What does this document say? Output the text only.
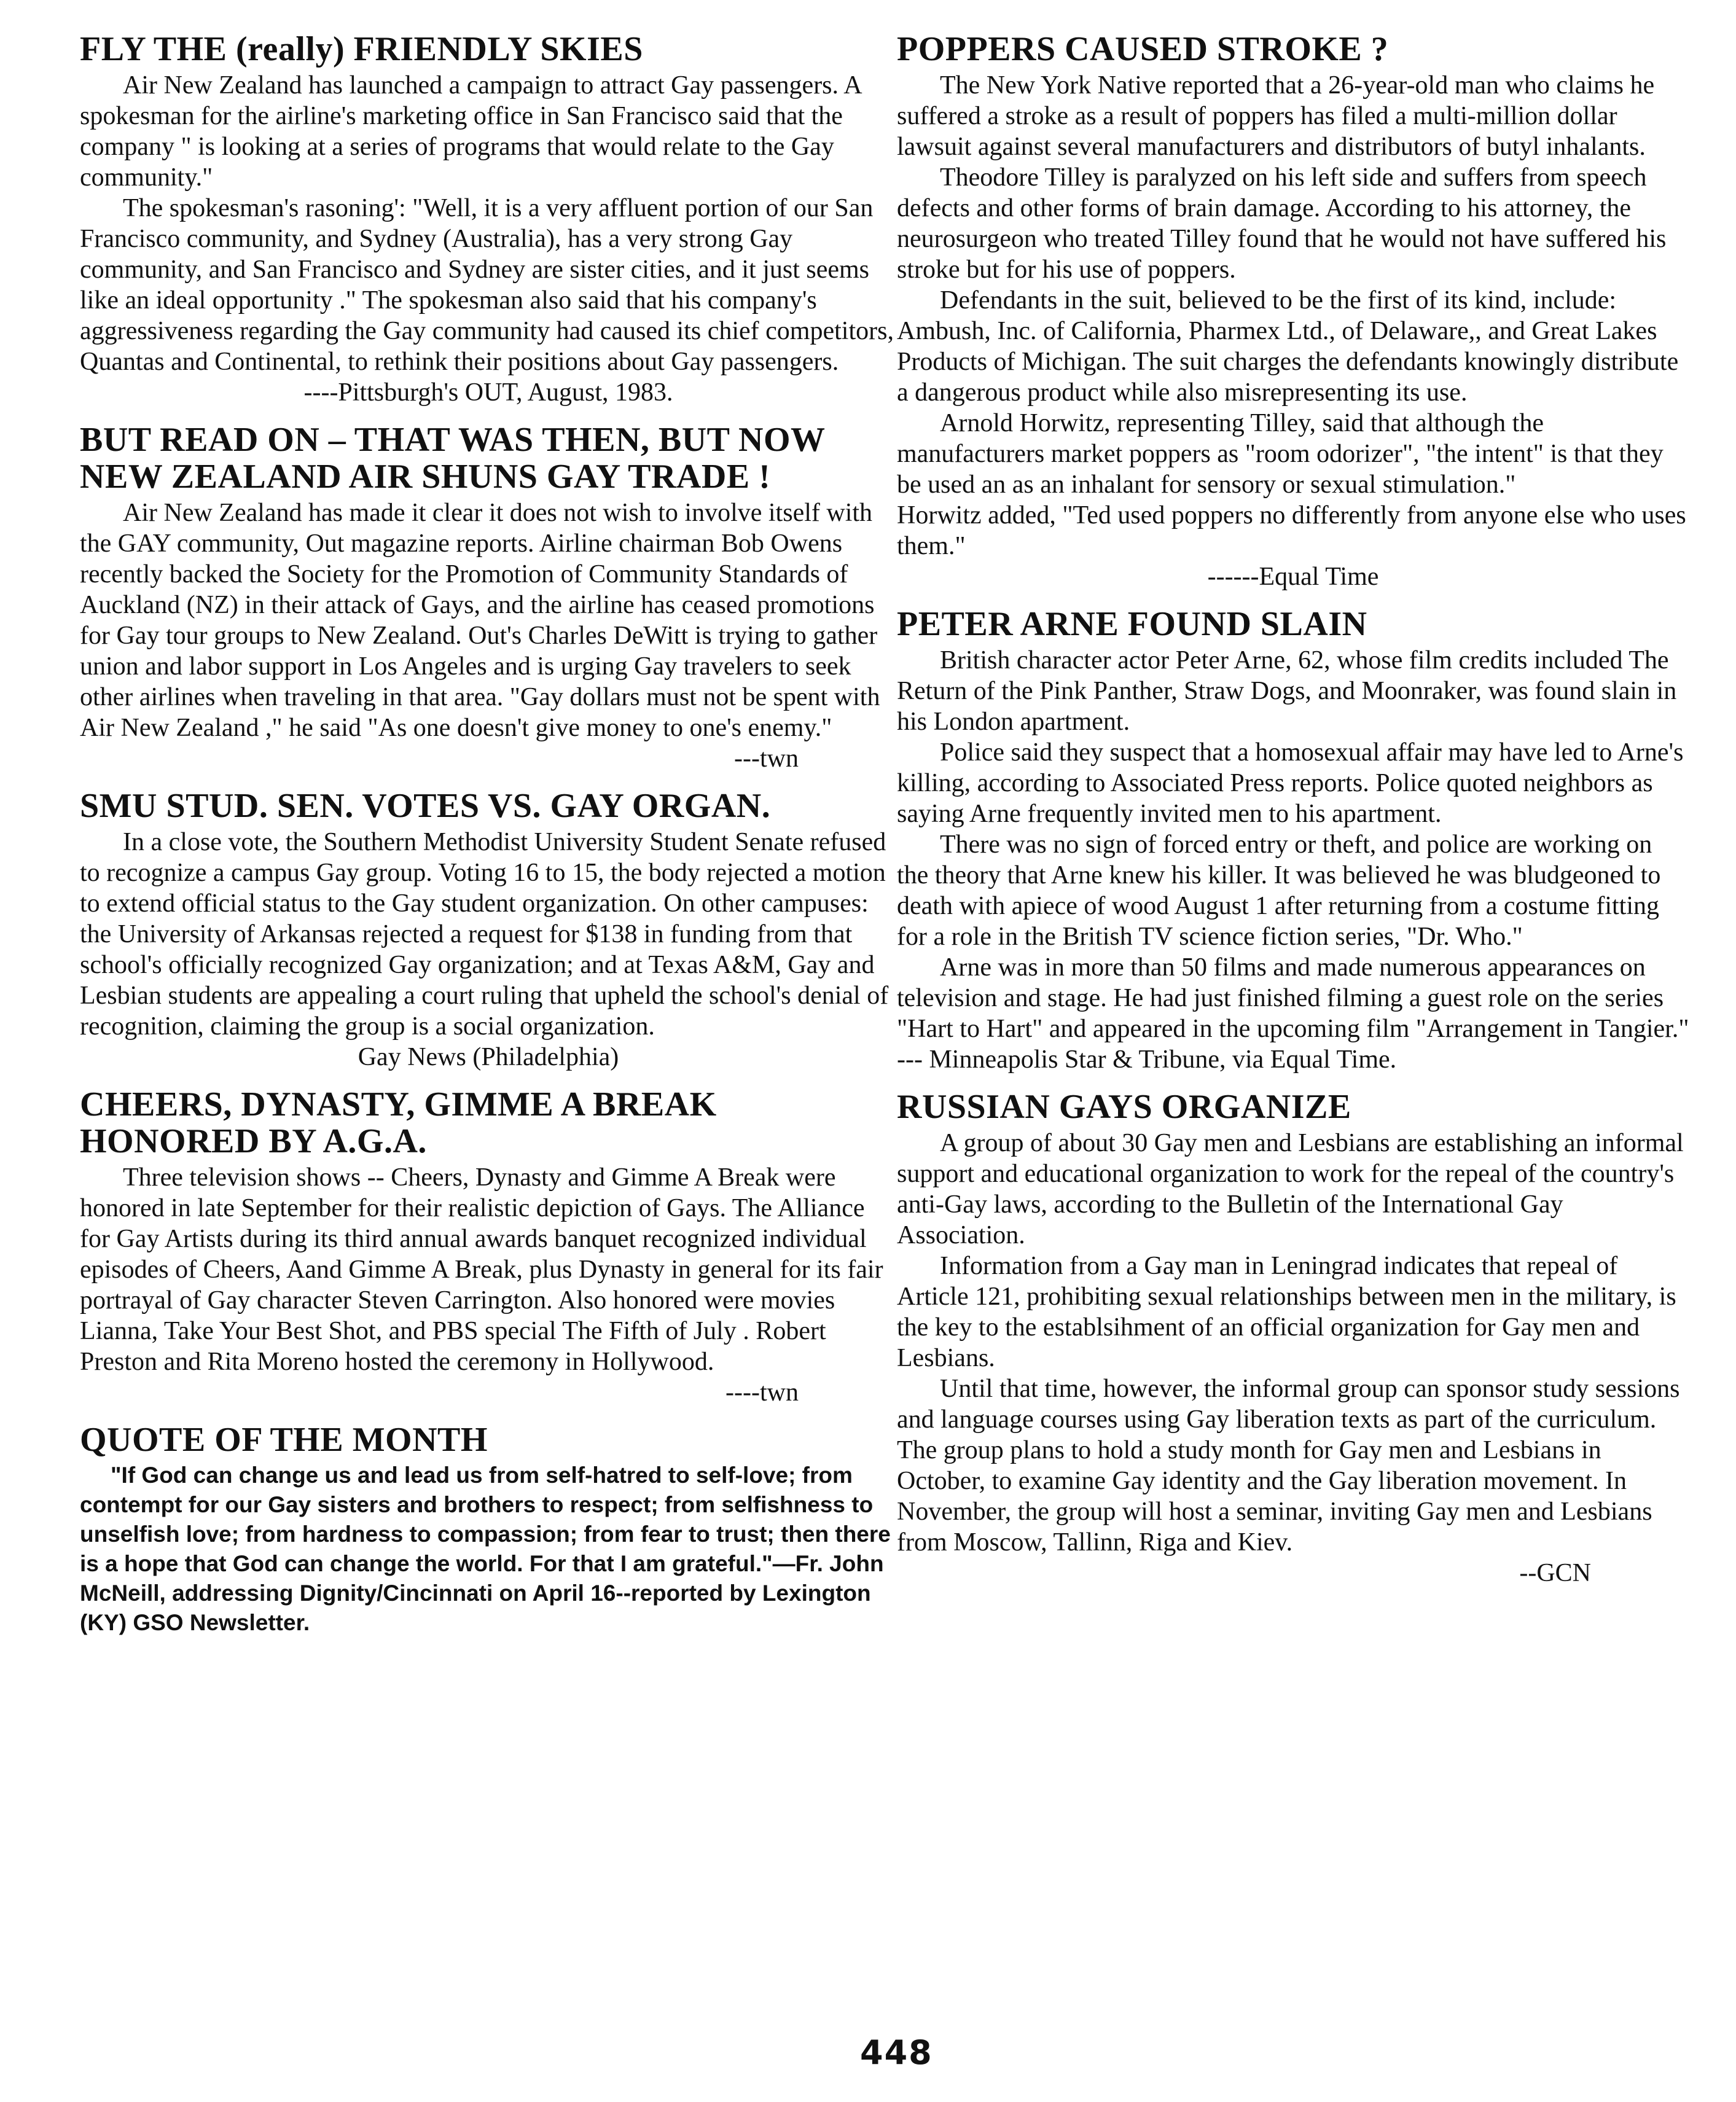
FLY THE (really) FRIENDLY SKIES

Air New Zealand has launched a campaign to attract Gay passengers. A spokesman for the airline's marketing office in San Francisco said that the company " is looking at a series of programs that would relate to the Gay community."

The spokesman's rasoning': "Well, it is a very affluent portion of our San Francisco community, and Sydney (Australia), has a very strong Gay community, and San Francisco and Sydney are sister cities, and it just seems like an ideal opportunity ." The spokesman also said that his company's aggressiveness regarding the Gay community had caused its chief competitors, Quantas and Continental, to rethink their positions about Gay passengers.

----Pittsburgh's OUT, August, 1983.

BUT READ ON – THAT WAS THEN, BUT NOW NEW ZEALAND AIR SHUNS GAY TRADE !

Air New Zealand has made it clear it does not wish to involve itself with the GAY community, Out magazine reports. Airline chairman Bob Owens recently backed the Society for the Promotion of Community Standards of Auckland (NZ) in their attack of Gays, and the airline has ceased promotions for Gay tour groups to New Zealand. Out's Charles DeWitt is trying to gather union and labor support in Los Angeles and is urging Gay travelers to seek other airlines when traveling in that area. "Gay dollars must not be spent with Air New Zealand ," he said "As one doesn't give money to one's enemy."

---twn

SMU STUD. SEN. VOTES VS. GAY ORGAN.

In a close vote, the Southern Methodist University Student Senate refused to recognize a campus Gay group. Voting 16 to 15, the body rejected a motion to extend official status to the Gay student organization. On other campuses: the University of Arkansas rejected a request for $138 in funding from that school's officially recognized Gay organization; and at Texas A&M, Gay and Lesbian students are appealing a court ruling that upheld the school's denial of recognition, claiming the group is a social organization.

Gay News (Philadelphia)

CHEERS, DYNASTY, GIMME A BREAK HONORED BY A.G.A.

Three television shows -- Cheers, Dynasty and Gimme A Break were honored in late September for their realistic depiction of Gays. The Alliance for Gay Artists during its third annual awards banquet recognized individual episodes of Cheers, Aand Gimme A Break, plus Dynasty in general for its fair portrayal of Gay character Steven Carrington. Also honored were movies Lianna, Take Your Best Shot, and PBS special The Fifth of July . Robert Preston and Rita Moreno hosted the ceremony in Hollywood.

----twn

QUOTE OF THE MONTH

"If God can change us and lead us from self-hatred to self-love; from contempt for our Gay sisters and brothers to respect; from selfishness to unselfish love; from hardness to compassion; from fear to trust; then there is a hope that God can change the world. For that I am grateful."—Fr. John McNeill, addressing Dignity/Cincinnati on April 16--reported by Lexington (KY) GSO Newsletter.

POPPERS CAUSED STROKE ?

The New York Native reported that a 26-year-old man who claims he suffered a stroke as a result of poppers has filed a multi-million dollar lawsuit against several manufacturers and distributors of butyl inhalants.

Theodore Tilley is paralyzed on his left side and suffers from speech defects and other forms of brain damage. According to his attorney, the neurosurgeon who treated Tilley found that he would not have suffered his stroke but for his use of poppers.

Defendants in the suit, believed to be the first of its kind, include: Ambush, Inc. of California, Pharmex Ltd., of Delaware,, and Great Lakes Products of Michigan. The suit charges the defendants knowingly distribute a dangerous product while also misrepresenting its use.

Arnold Horwitz, representing Tilley, said that although the manufacturers market poppers as "room odorizer", "the intent" is that they be used an as an inhalant for sensory or sexual stimulation."

Horwitz added, "Ted used poppers no differently from anyone else who uses them."

------Equal Time

PETER ARNE FOUND SLAIN

British character actor Peter Arne, 62, whose film credits included The Return of the Pink Panther, Straw Dogs, and Moonraker, was found slain in his London apartment.

Police said they suspect that a homosexual affair may have led to Arne's killing, according to Associated Press reports. Police quoted neighbors as saying Arne frequently invited men to his apartment.

There was no sign of forced entry or theft, and police are working on the theory that Arne knew his killer. It was believed he was bludgeoned to death with apiece of wood August 1 after returning from a costume fitting for a role in the British TV science fiction series, "Dr. Who."

Arne was in more than 50 films and made numerous appearances on television and stage. He had just finished filming a guest role on the series "Hart to Hart" and appeared in the upcoming film "Arrangement in Tangier."

--- Minneapolis Star & Tribune, via Equal Time.

RUSSIAN GAYS ORGANIZE

A group of about 30 Gay men and Lesbians are establishing an informal support and educational organization to work for the repeal of the country's anti-Gay laws, according to the Bulletin of the International Gay Association.

Information from a Gay man in Leningrad indicates that repeal of Article 121, prohibiting sexual relationships between men in the military, is the key to the establsihment of an official organization for Gay men and Lesbians.

Until that time, however, the informal group can sponsor study sessions and language courses using Gay liberation texts as part of the curriculum. The group plans to hold a study month for Gay men and Lesbians in October, to examine Gay identity and the Gay liberation movement. In November, the group will host a seminar, inviting Gay men and Lesbians from Moscow, Tallinn, Riga and Kiev.

--GCN

448
